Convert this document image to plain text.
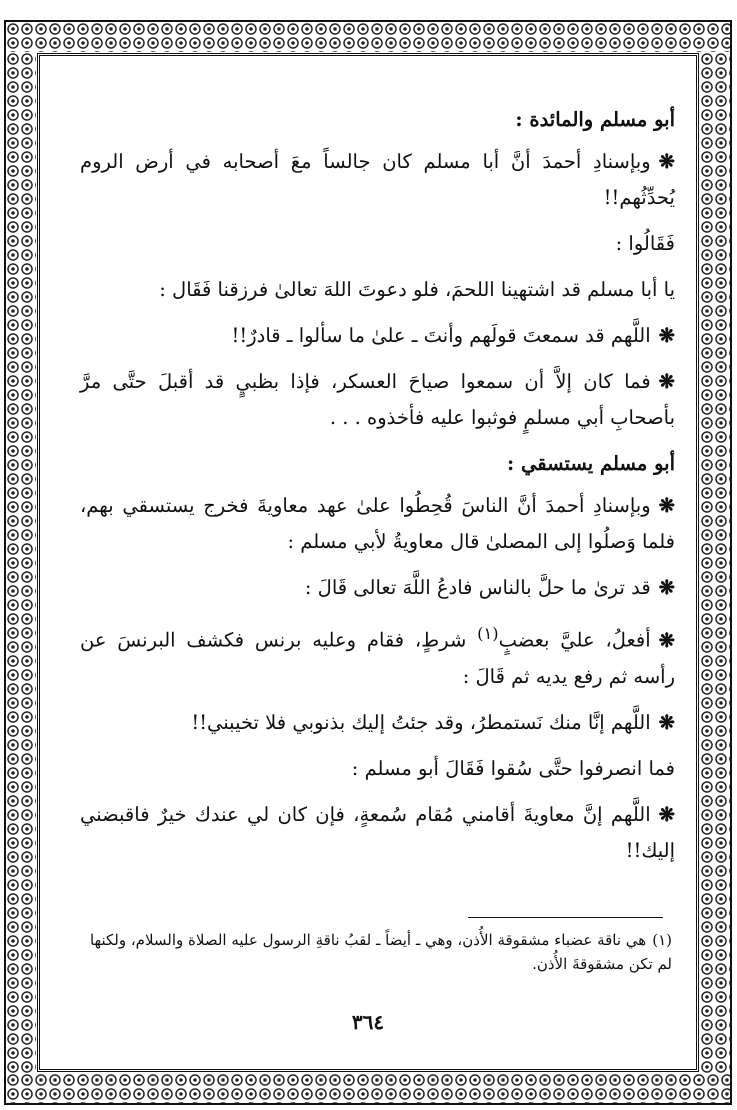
أبو مسلم والمائدة :

❋وبإسنادِ أحمدَ أنَّ أبا مسلم كان جالساً معَ أصحابه في أرض الروم يُحدِّثُهم!!

فَقَالُوا :

يا أبا مسلم قد اشتهينا اللحمَ، فلو دعوتَ اللهَ تعالىٰ فرزقنا فَقَال :

❋اللَّهم قد سمعتَ قولَهم وأنتَ ـ علىٰ ما سألوا ـ قادرٌ!!

❋فما كان إلاَّ أن سمعوا صياحَ العسكر، فإذا بظبيٍ قد أقبلَ حتَّى مرَّ بأصحابِ أبي مسلمٍ فوثبوا عليه فأخذوه . . .

أبو مسلم يستسقي :

❋وبإسنادِ أحمدَ أنَّ الناسَ قُحِطُوا علىٰ عهد معاويةَ فخرج يستسقي بهم، فلما وَصلُوا إلى المصلىٰ قال معاويةُ لأبي مسلم :

❋قد ترىٰ ما حلَّ بالناس فادعُ اللَّهَ تعالى قَالَ :

❋أفعلُ، عليَّ بعضبٍ$^{(١)}$ شرطٍ، فقام وعليه برنس فكشف البرنسَ عن رأسه ثم رفع يديه ثم قَالَ :

❋اللَّهم إنَّا منك نَستمطرُ، وقد جئتُ إليك بذنوبي فلا تخيبني!!

فما انصرفوا حتَّى سُقوا فَقَالَ أبو مسلم :

❋اللَّهم إنَّ معاويةَ أقامني مُقام سُمعةٍ، فإن كان لي عندك خيرٌ فاقبضني إليك!!

(١)هي ناقة عضباء مشقوقة الأُذن، وهي ـ أيضاً ـ لقبُ ناقةِ الرسول عليه الصلاة والسلام، ولكنها لم تكن مشقوقةَ الأُذن.
٣٦٤
